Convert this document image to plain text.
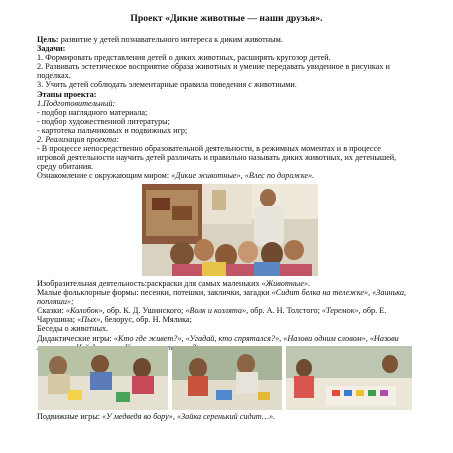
Проект «Дикие животные — наши друзья».

Цель: развитие у детей познавательного интереса к диким животным.

Задачи:

1. Формировать представления детей о диких животных, расширять кругозор детей.

2. Развивать эстетическое восприятие образа животных и умение передавать увиденное в рисунках и поделках.

3. Учить детей соблюдать элементарные правила поведения с животными.

Этапы проекта:

1.Подготовительный:

- подбор наглядного материала;

- подбор художественной литературы;

- картотека пальчиковых и подвижных игр;

2. Реализация проекта:

- В процессе непосредственно образовательной деятельности, в режимных моментах и в процессе игровой деятельности научить детей различать и правильно называть диких животных, их детенышей, среду обитания.

Ознакомление с окружающим миром: «Дикие животные», «Влес по дорожке».

Изобразительная деятельность:раскраски для самых маленьких «Животные».

Малые фольклорные формы: песенки, потешки, заклички, загадки «Сидит белка на тележке», «Заинька, попляши»;

Сказки: «Колобок», обр. К. Д. Ушинского; «Волк и козлята», обр. А. Н. Толстого; «Теремок», обр. Е. Чарушина; «Пых», белорус, обр. Н. Мялика;

Беседы о животных.

Дидактические игры: «Кто где живет?», «Угадай, кто спрятался?», «Назови одним словом», «Назови

Подвижные игры: «У медведя во бору», «Зайка серенький сидит…».
